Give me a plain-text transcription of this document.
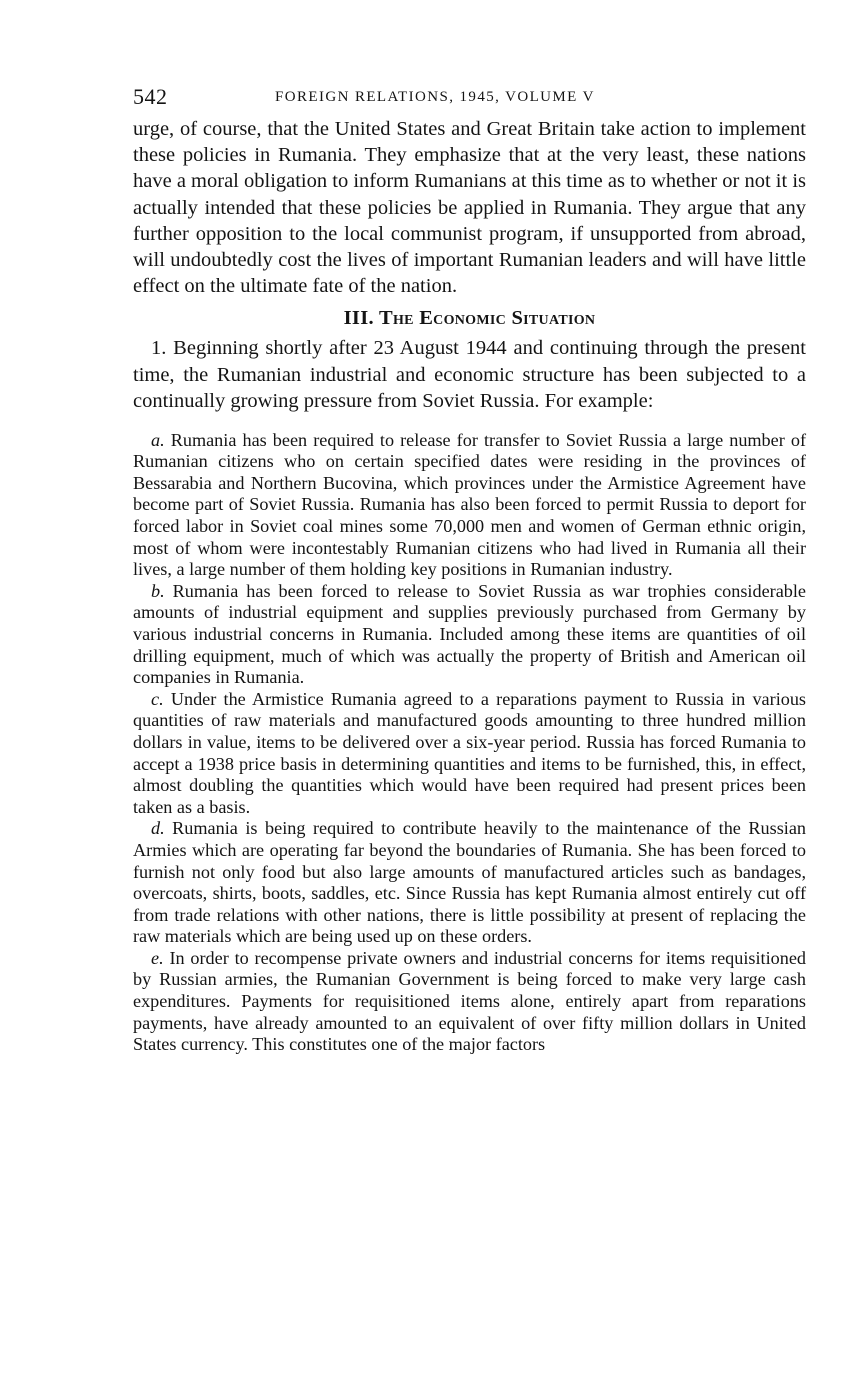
542	FOREIGN RELATIONS, 1945, VOLUME V

urge, of course, that the United States and Great Britain take action to implement these policies in Rumania. They emphasize that at the very least, these nations have a moral obligation to inform Rumanians at this time as to whether or not it is actually intended that these policies be applied in Rumania. They argue that any further opposition to the local communist program, if unsupported from abroad, will undoubtedly cost the lives of important Rumanian leaders and will have little effect on the ultimate fate of the nation.

III. The Economic Situation

1. Beginning shortly after 23 August 1944 and continuing through the present time, the Rumanian industrial and economic structure has been subjected to a continually growing pressure from Soviet Russia. For example:

a. Rumania has been required to release for transfer to Soviet Russia a large number of Rumanian citizens who on certain specified dates were residing in the provinces of Bessarabia and Northern Bucovina, which provinces under the Armistice Agreement have become part of Soviet Russia. Rumania has also been forced to permit Russia to deport for forced labor in Soviet coal mines some 70,000 men and women of German ethnic origin, most of whom were incontestably Rumanian citizens who had lived in Rumania all their lives, a large number of them holding key positions in Rumanian industry.

b. Rumania has been forced to release to Soviet Russia as war trophies considerable amounts of industrial equipment and supplies previously purchased from Germany by various industrial concerns in Rumania. Included among these items are quantities of oil drilling equipment, much of which was actually the property of British and American oil companies in Rumania.

c. Under the Armistice Rumania agreed to a reparations payment to Russia in various quantities of raw materials and manufactured goods amounting to three hundred million dollars in value, items to be delivered over a six-year period. Russia has forced Rumania to accept a 1938 price basis in determining quantities and items to be furnished, this, in effect, almost doubling the quantities which would have been required had present prices been taken as a basis.

d. Rumania is being required to contribute heavily to the maintenance of the Russian Armies which are operating far beyond the boundaries of Rumania. She has been forced to furnish not only food but also large amounts of manufactured articles such as bandages, overcoats, shirts, boots, saddles, etc. Since Russia has kept Rumania almost entirely cut off from trade relations with other nations, there is little possibility at present of replacing the raw materials which are being used up on these orders.

e. In order to recompense private owners and industrial concerns for items requisitioned by Russian armies, the Rumanian Government is being forced to make very large cash expenditures. Payments for requisitioned items alone, entirely apart from reparations payments, have already amounted to an equivalent of over fifty million dollars in United States currency. This constitutes one of the major factors
